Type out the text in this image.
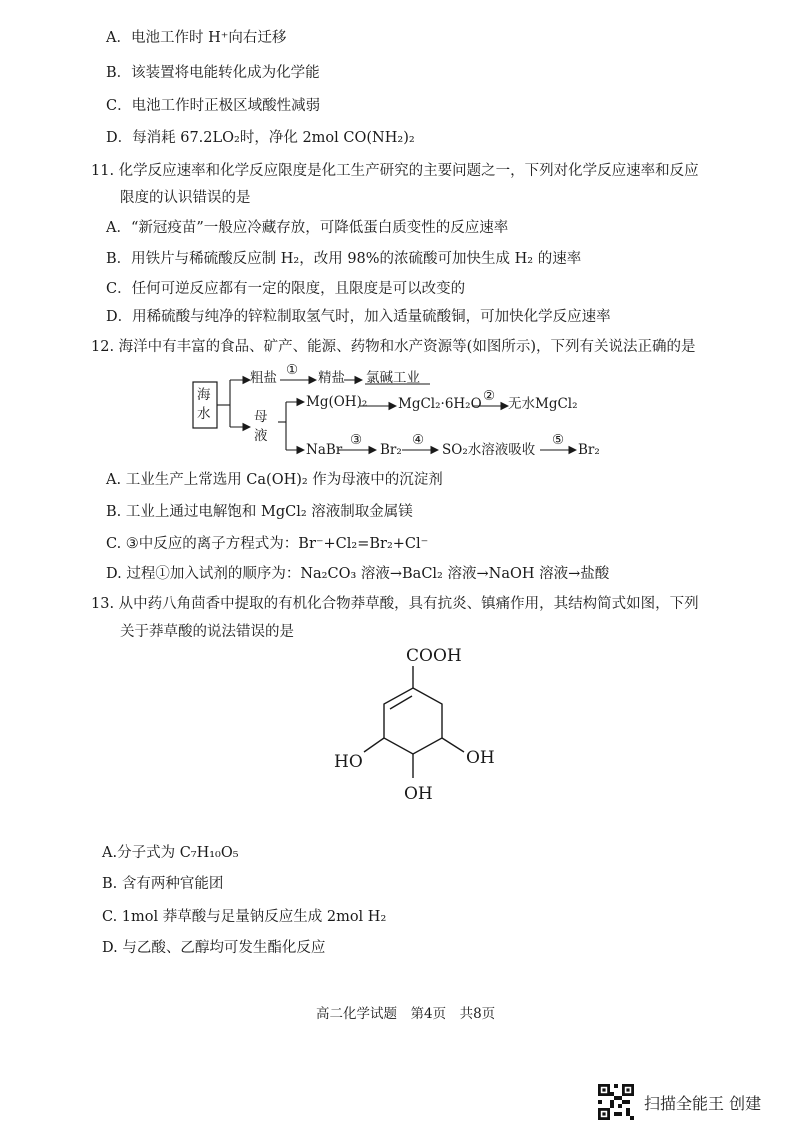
A．电池工作时 H⁺向右迁移
B．该装置将电能转化成为化学能
C．电池工作时正极区域酸性减弱
D．每消耗 67.2LO₂时，净化 2mol CO(NH₂)₂
11. 化学反应速率和化学反应限度是化工生产研究的主要问题之一，下列对化学反应速率和反应
限度的认识错误的是
A．“新冠疫苗”一般应冷藏存放，可降低蛋白质变性的反应速率
B．用铁片与稀硫酸反应制 H₂，改用 98%的浓硫酸可加快生成 H₂ 的速率
C．任何可逆反应都有一定的限度，且限度是可以改变的
D．用稀硫酸与纯净的锌粒制取氢气时，加入适量硫酸铜，可加快化学反应速率
12. 海洋中有丰富的食品、矿产、能源、药物和水产资源等(如图所示)，下列有关说法正确的是
海水
粗盐 ① 精盐 氯碱工业
母液
Mg(OH)₂ MgCl₂·6H₂O ② 无水MgCl₂
NaBr
③
Br₂
④
SO₂水溶液吸收
⑤
Br₂
A. 工业生产上常选用 Ca(OH)₂ 作为母液中的沉淀剂
B. 工业上通过电解饱和 MgCl₂ 溶液制取金属镁
C. ③中反应的离子方程式为：Br⁻+Cl₂=Br₂+Cl⁻
D. 过程①加入试剂的顺序为：Na₂CO₃ 溶液→BaCl₂ 溶液→NaOH 溶液→盐酸
13. 从中药八角茴香中提取的有机化合物莽草酸，具有抗炎、镇痛作用，其结构简式如图，下列
关于莽草酸的说法错误的是
COOH
HO	OH
OH
A.分子式为 C₇H₁₀O₅
B. 含有两种官能团
C. 1mol 莽草酸与足量钠反应生成 2mol H₂
D. 与乙酸、乙醇均可发生酯化反应
高二化学试题　第4页　共8页
扫描全能王 创建
